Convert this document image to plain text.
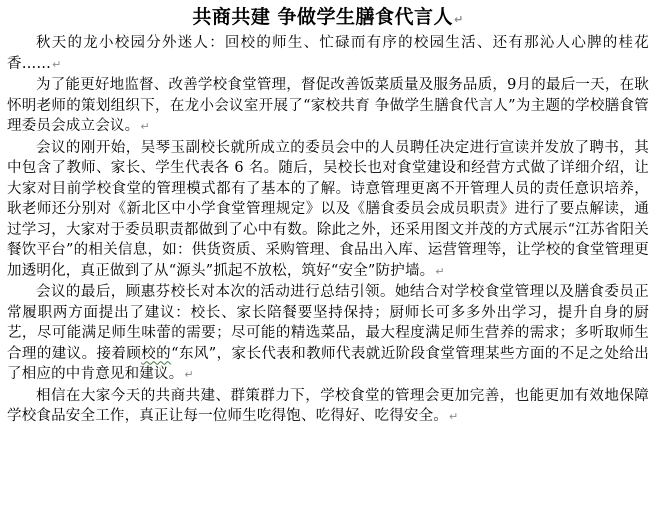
共商共建 争做学生膳食代言人↵

秋天的龙小校园分外迷人：回校的师生、忙碌而有序的校园生活、还有那沁人心脾的桂花香……↵

为了能更好地监督、改善学校食堂管理，督促改善饭菜质量及服务品质，9月的最后一天，在耿怀明老师的策划组织下，在龙小会议室开展了“家校共育 争做学生膳食代言人”为主题的学校膳食管理委员会成立会议。↵

会议的刚开始，吴琴玉副校长就所成立的委员会中的人员聘任决定进行宣读并发放了聘书，其中包含了教师、家长、学生代表各 6 名。随后，吴校长也对食堂建设和经营方式做了详细介绍，让大家对目前学校食堂的管理模式都有了基本的了解。诗意管理更离不开管理人员的责任意识培养，耿老师还分别对《新北区中小学食堂管理规定》以及《膳食委员会成员职责》进行了要点解读，通过学习，大家对于委员职责都做到了心中有数。除此之外，还采用图文并茂的方式展示“江苏省阳关餐饮平台”的相关信息，如：供货资质、采购管理、食品出入库、运营管理等，让学校的食堂管理更加透明化，真正做到了从“源头”抓起不放松，筑好“安全”防护墙。↵

会议的最后，顾惠芬校长对本次的活动进行总结引领。她结合对学校食堂管理以及膳食委员正常履职两方面提出了建议：校长、家长陪餐要坚持保持；厨师长可多多外出学习，提升自身的厨艺，尽可能满足师生味蕾的需要；尽可能的精选菜品，最大程度满足师生营养的需求；多听取师生合理的建议。接着顾校的“东风”，家长代表和教师代表就近阶段食堂管理某些方面的不足之处给出了相应的中肯意见和建议。↵

相信在大家今天的共商共建、群策群力下，学校食堂的管理会更加完善，也能更加有效地保障学校食品安全工作，真正让每一位师生吃得饱、吃得好、吃得安全。↵
